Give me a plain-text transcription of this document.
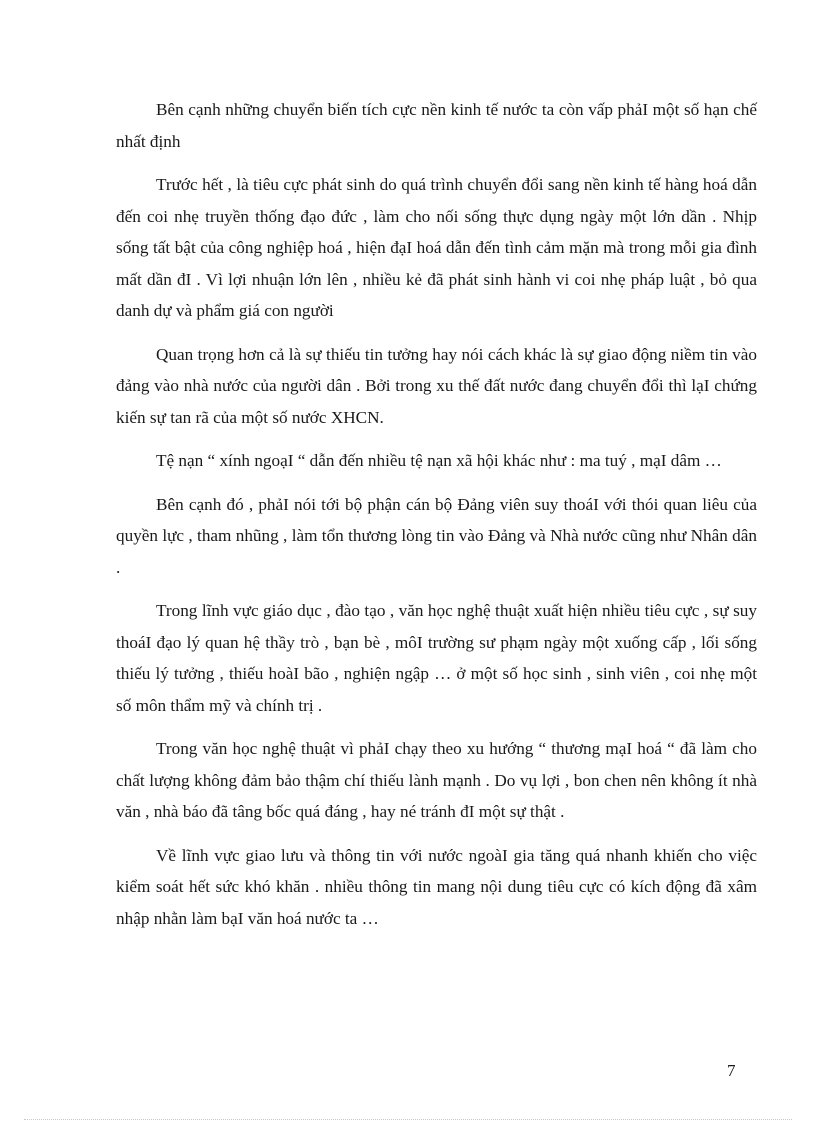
Bên cạnh những chuyển biến tích cực nền kinh tế nước ta còn vấp phảI một số hạn chế nhất định

Trước hết , là tiêu cực phát sinh do quá trình chuyển đổi sang nền kinh tế hàng hoá dẫn đến coi nhẹ truyền thống đạo đức , làm cho nối sống thực dụng ngày một lớn dần . Nhịp sống tất bật của công nghiệp hoá , hiện đạI hoá dẫn đến tình cảm mặn mà trong mỗi gia đình mất dần đI . Vì lợi nhuận lớn lên , nhiều kẻ đã phát sinh hành vi coi nhẹ pháp luật , bỏ qua danh dự và phẩm giá con người

Quan trọng hơn cả là sự thiếu tin tưởng hay nói cách khác là sự giao động niềm tin vào đảng vào nhà nước của người dân . Bởi trong xu thế đất nước đang chuyển đổi thì lạI chứng kiến sự tan rã của một số nước XHCN.

Tệ nạn “ xính ngoạI “ dẫn đến nhiều tệ nạn xã hội khác như : ma tuý , mạI dâm …

Bên cạnh đó , phảI nói tới bộ phận cán bộ Đảng viên suy thoáI với thói quan liêu của quyền lực , tham nhũng , làm tổn thương lòng tin vào Đảng và Nhà nước cũng như Nhân dân .

Trong lĩnh vực giáo dục , đào tạo , văn học nghệ thuật xuất hiện nhiều tiêu cực , sự suy thoáI đạo lý quan hệ thầy trò , bạn bè , môI trường sư phạm ngày một xuống cấp , lối sống thiếu lý tưởng , thiếu hoàI bão , nghiện ngập … ở một số học sinh , sinh viên , coi nhẹ một số môn thẩm mỹ và chính trị .

Trong văn học nghệ thuật vì phảI chạy theo xu hướng “ thương mạI hoá “ đã làm cho chất lượng không đảm bảo thậm chí thiếu lành mạnh . Do vụ lợi , bon chen nên không ít nhà văn , nhà báo đã tâng bốc quá đáng , hay né tránh đI một sự thật .

Về lĩnh vực giao lưu và thông tin với nước ngoàI gia tăng quá nhanh khiến cho việc kiểm soát hết sức khó khăn . nhiều thông tin mang nội dung tiêu cực có kích động đã xâm nhập nhằn làm bạI văn hoá nước ta …

7
